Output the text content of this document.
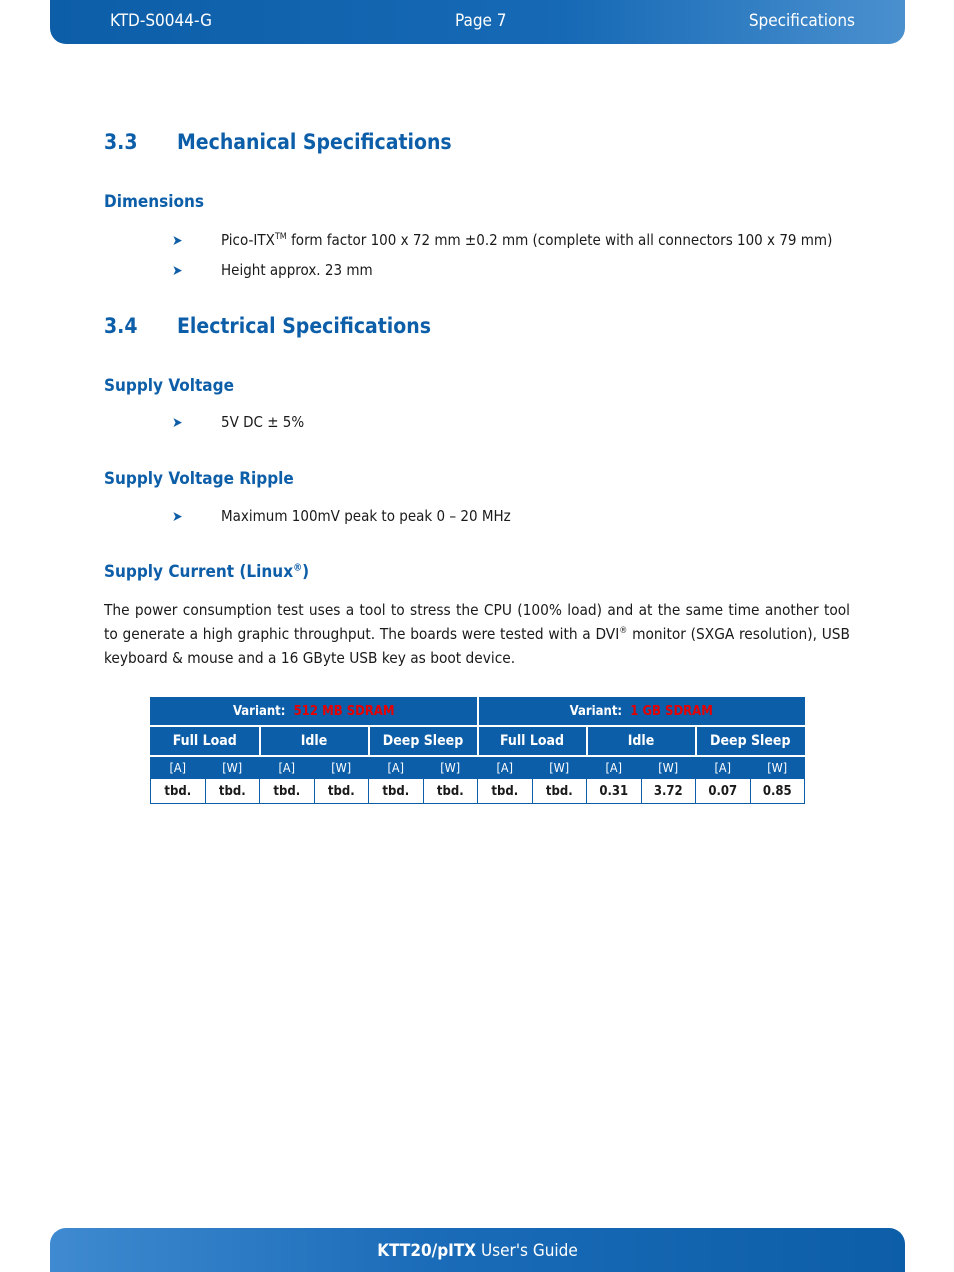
KTD-S0044-G	Page 7	Specifications
3.3 Mechanical Specifications
Dimensions
➤	Pico-ITX™ form factor 100 x 72 mm ±0.2 mm (complete with all connectors 100 x 79 mm)
➤	Height approx. 23 mm
3.4 Electrical Specifications
Supply Voltage
➤	5V DC ± 5%
Supply Voltage Ripple
➤	Maximum 100mV peak to peak 0 – 20 MHz
Supply Current (Linux®)
The power consumption test uses a tool to stress the CPU (100% load) and at the same time another tool to generate a high graphic throughput. The boards were tested with a DVI® monitor (SXGA resolution), USB keyboard & mouse and a 16 GByte USB key as boot device.
Variant: 512 MB SDRAM						Variant: 1 GB SDRAM					
Full Load		Idle		Deep Sleep		Full Load		Idle		Deep Sleep	
[A]	[W]	[A]	[W]	[A]	[W]	[A]	[W]	[A]	[W]	[A]	[W]
tbd.	tbd.	tbd.	tbd.	tbd.	tbd.	tbd.	tbd.	0.31	3.72	0.07	0.85
KTT20/pITX User's Guide
